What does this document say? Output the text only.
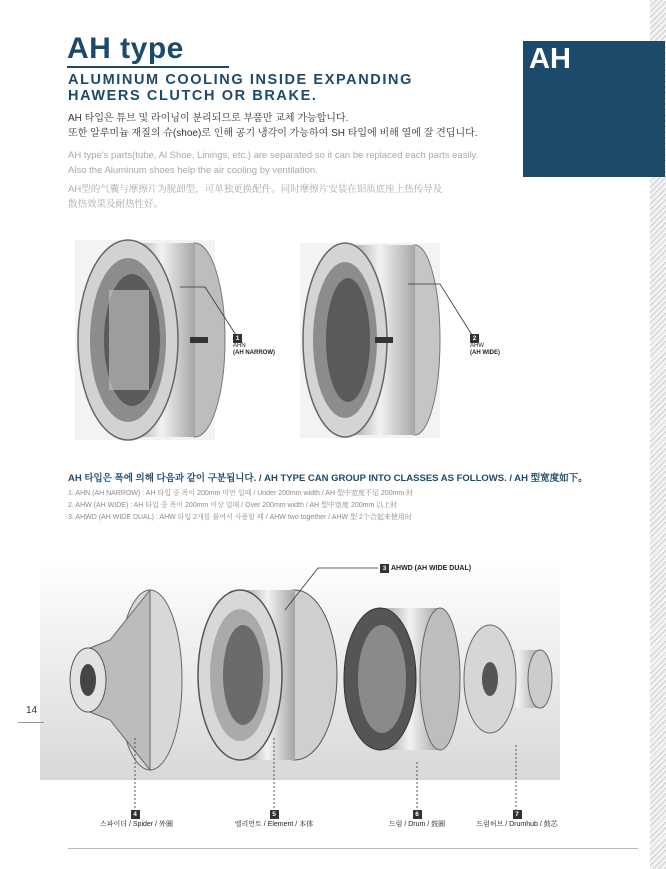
AH
AH type
ALUMINUM COOLING INSIDE EXPANDING HAWERS CLUTCH OR BRAKE.

AH 타입은 튜브 및 라이닝이 분리되므로 부품만 교체 가능합니다.
또한 알루미늄 재질의 슈(shoe)로 인해 공기 냉각이 가능하여 SH 타입에 비해 열에 잘 견딥니다.

AH type's parts(tube, Al Shoe, Linings, etc.) are separated so it can be replaced each parts easily.
Also the Aluminum shoes help the air cooling by ventilation.

AH型的气囊与摩擦片为脱卸型，可单独更换配件。同时摩擦片安装在铝质底座上热传导及
散热效果及耐热性好。

1
AHN
(AH NARROW)
2
AHW
(AH WIDE)
AH 타입은 폭에 의해 다음과 같이 구분됩니다. / AH TYPE CAN GROUP INTO CLASSES AS FOLLOWS. / AH 型宽度如下。
1. AHN (AH NARROW) : AH 타입 중 폭이 200mm 미만 일때 / Under 200mm width / AH 型中宽度不足 200mm 时
2. AHW (AH WIDE) : AH 타입 중 폭이 200mm 이상 일때 / Over 200mm width / AH 型中宽度 200mm 以上时
3. AHWD (AH WIDE DUAL) : AHW 타입 2개를 붙여서 사용할 때 / AHW two together / AHW 型 2个合起来使用时
3 AHWD (AH WIDE DUAL)
4
스파이더 / Spider / 外圈
5
엘리먼트 / Element / 本体
6
드럼 / Drum / 鼓圈
7
드럼허브 / Drumhub / 鼓芯
14
